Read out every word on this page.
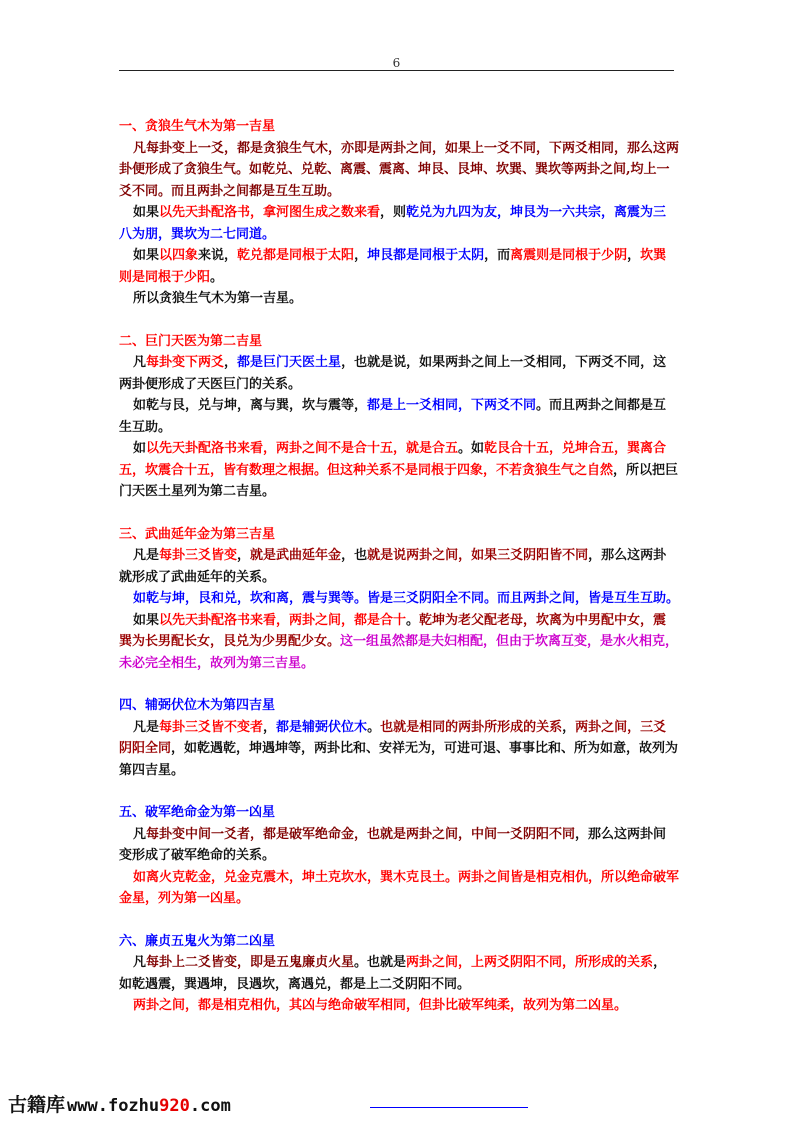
6
一、贪狼生气木为第一吉星
凡每卦变上一爻，都是贪狼生气木，亦即是两卦之间，如果上一爻不同，下两爻相同，那么这两卦便形成了贪狼生气。如乾兑、兑乾、离震、震离、坤艮、艮坤、坎巽、巽坎等两卦之间,均上一爻不同。而且两卦之间都是互生互助。
如果以先天卦配洛书，拿河图生成之数来看，则乾兑为九四为友，坤艮为一六共宗，离震为三八为朋，巽坎为二七同道。
如果以四象来说，乾兑都是同根于太阳，坤艮都是同根于太阴，而离震则是同根于少阴，坎巽则是同根于少阳。
所以贪狼生气木为第一吉星。
二、巨门天医为第二吉星
凡每卦变下两爻，都是巨门天医土星，也就是说，如果两卦之间上一爻相同，下两爻不同，这两卦便形成了天医巨门的关系。
如乾与艮，兑与坤，离与巽，坎与震等，都是上一爻相同，下两爻不同。而且两卦之间都是互生互助。
如以先天卦配洛书来看，两卦之间不是合十五，就是合五。如乾艮合十五，兑坤合五，巽离合五，坎震合十五，皆有数理之根据。但这种关系不是同根于四象，不若贪狼生气之自然，所以把巨门天医土星列为第二吉星。
三、武曲延年金为第三吉星
凡是每卦三爻皆变，就是武曲延年金，也就是说两卦之间，如果三爻阴阳皆不同，那么这两卦就形成了武曲延年的关系。
如乾与坤，艮和兑，坎和离，震与巽等。皆是三爻阴阳全不同。而且两卦之间，皆是互生互助。
如果以先天卦配洛书来看，两卦之间，都是合十。乾坤为老父配老母，坎离为中男配中女，震巽为长男配长女，艮兑为少男配少女。这一组虽然都是夫妇相配，但由于坎离互变，是水火相克，未必完全相生，故列为第三吉星。
四、辅弼伏位木为第四吉星
凡是每卦三爻皆不变者，都是辅弼伏位木。也就是相同的两卦所形成的关系，两卦之间，三爻阴阳全同，如乾遇乾，坤遇坤等，两卦比和、安祥无为，可进可退、事事比和、所为如意，故列为第四吉星。
五、破军绝命金为第一凶星
凡每卦变中间一爻者，都是破军绝命金，也就是两卦之间，中间一爻阴阳不同，那么这两卦间变形成了破军绝命的关系。
如离火克乾金，兑金克震木，坤土克坎水，巽木克艮土。两卦之间皆是相克相仇，所以绝命破军金星，列为第一凶星。
六、廉贞五鬼火为第二凶星
凡每卦上二爻皆变，即是五鬼廉贞火星。也就是两卦之间，上两爻阴阳不同，所形成的关系，如乾遇震，巽遇坤，艮遇坎，离遇兑，都是上二爻阴阳不同。
两卦之间，都是相克相仇，其凶与绝命破军相同，但卦比破军纯柔，故列为第二凶星。
古籍库 www.fozhu920.com
